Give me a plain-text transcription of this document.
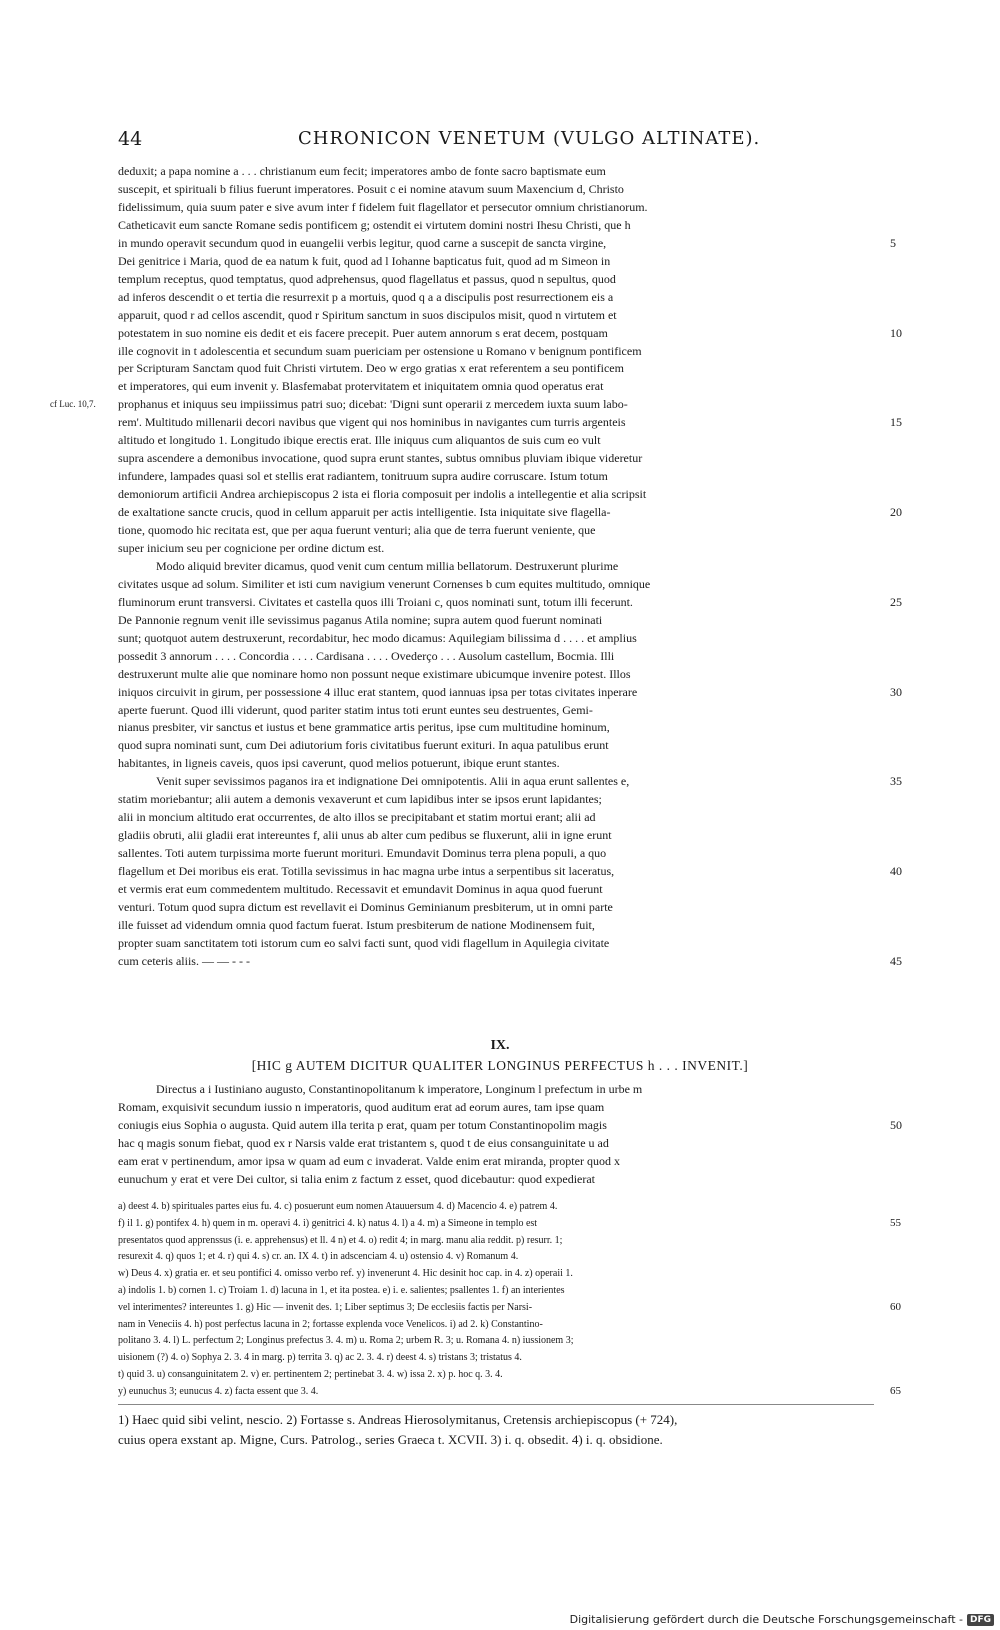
44	CHRONICON VENETUM (VULGO ALTINATE).
deduxit; a papa nomine a . . . christianum eum fecit; imperatores ambo de fonte sacro baptismate eum
suscepit, et spirituali b filius fuerunt imperatores. Posuit c ei nomine atavum suum Maxencium d, Christo
fidelissimum, quia suum pater e sive avum inter f fidelem fuit flagellator et persecutor omnium christianorum.
Catheticavit eum sancte Romane sedis pontificem g; ostendit ei virtutem domini nostri Ihesu Christi, que h
in mundo operavit secundum quod in euangelii verbis legitur, quod carne a suscepit de sancta virgine,
Dei genitrice i Maria, quod de ea natum k fuit, quod ad l Iohanne bapticatus fuit, quod ad m Simeon in
templum receptus, quod temptatus, quod adprehensus, quod flagellatus et passus, quod n sepultus, quod
ad inferos descendit o et tertia die resurrexit p a mortuis, quod q a a discipulis post resurrectionem eis a
apparuit, quod r ad cellos ascendit, quod r Spiritum sanctum in suos discipulos misit, quod n virtutem et
potestatem in suo nomine eis dedit et eis facere precepit. Puer autem annorum s erat decem, postquam
ille cognovit in t adolescentia et secundum suam puericiam per ostensione u Romano v benignum pontificem
per Scripturam Sanctam quod fuit Christi virtutem. Deo w ergo gratias x erat referentem a seu pontificem
et imperatores, qui eum invenit y. Blasfemabat protervitatem et iniquitatem omnia quod operatus erat
prophanus et iniquus seu impiissimus patri suo; dicebat: 'Digni sunt operarii z mercedem iuxta suum labo-
rem'. Multitudo millenarii decori navibus que vigent qui nos hominibus in navigantes cum turris argenteis
altitudo et longitudo 1. Longitudo ibique erectis erat. Ille iniquus cum aliquantos de suis cum eo vult
supra ascendere a demonibus invocatione, quod supra erunt stantes, subtus omnibus pluviam ibique videretur
infundere, lampades quasi sol et stellis erat radiantem, tonitruum supra audire corruscare. Istum totum
demoniorum artificii Andrea archiepiscopus 2 ista ei floria composuit per indolis a intellegentie et alia scripsit
de exaltatione sancte crucis, quod in cellum apparuit per actis intelligentie. Ista iniquitate sive flagella-
tione, quomodo hic recitata est, que per aqua fuerunt venturi; alia que de terra fuerunt veniente, que
super inicium seu per cognicione per ordine dictum est.
Modo aliquid breviter dicamus, quod venit cum centum millia bellatorum. Destruxerunt plurime
civitates usque ad solum. Similiter et isti cum navigium venerunt Cornenses b cum equites multitudo, omnique
fluminorum erunt transversi. Civitates et castella quos illi Troiani c, quos nominati sunt, totum illi fecerunt.
De Pannonie regnum venit ille sevissimus paganus Atila nomine; supra autem quod fuerunt nominati
sunt; quotquot autem destruxerunt, recordabitur, hec modo dicamus: Aquilegiam bilissima d . . . . et amplius
possedit 3 annorum . . . . Concordia . . . . Cardisana . . . . Ovederço . . . Ausolum castellum, Bocmia. Illi
destruxerunt multe alie que nominare homo non possunt neque existimare ubicumque invenire potest. Illos
iniquos circuivit in girum, per possessione 4 illuc erat stantem, quod iannuas ipsa per totas civitates inperare
aperte fuerunt. Quod illi viderunt, quod pariter statim intus toti erunt euntes seu destruentes, Gemi-
nianus presbiter, vir sanctus et iustus et bene grammatice artis peritus, ipse cum multitudine hominum,
quod supra nominati sunt, cum Dei adiutorium foris civitatibus fuerunt exituri. In aqua patulibus erunt
habitantes, in ligneis caveis, quos ipsi caverunt, quod melios potuerunt, ibique erunt stantes.
Venit super sevissimos paganos ira et indignatione Dei omnipotentis. Alii in aqua erunt sallentes e,
statim moriebantur; alii autem a demonis vexaverunt et cum lapidibus inter se ipsos erunt lapidantes;
alii in moncium altitudo erat occurrentes, de alto illos se precipitabant et statim mortui erant; alii ad
gladiis obruti, alii gladii erat intereuntes f, alii unus ab alter cum pedibus se fluxerunt, alii in igne erunt
sallentes. Toti autem turpissima morte fuerunt morituri. Emundavit Dominus terra plena populi, a quo
flagellum et Dei moribus eis erat. Totilla sevissimus in hac magna urbe intus a serpentibus sit laceratus,
et vermis erat eum commedentem multitudo. Recessavit et emundavit Dominus in aqua quod fuerunt
venturi. Totum quod supra dictum est revellavit ei Dominus Geminianum presbiterum, ut in omni parte
ille fuisset ad videndum omnia quod factum fuerat. Istum presbiterum de natione Modinensem fuit,
propter suam sanctitatem toti istorum cum eo salvi facti sunt, quod vidi flagellum in Aquilegia civitate
cum ceteris aliis. — — - - -
cf Luc. 10,7.
5
10
15
20
25
30
35
40
45
IX.
[HIC g AUTEM DICITUR QUALITER LONGINUS PERFECTUS h . . . INVENIT.]
Directus a i Iustiniano augusto, Constantinopolitanum k imperatore, Longinum l prefectum in urbe m
Romam, exquisivit secundum iussio n imperatoris, quod auditum erat ad eorum aures, tam ipse quam
coniugis eius Sophia o augusta. Quid autem illa terita p erat, quam per totum Constantinopolim magis
hac q magis sonum fiebat, quod ex r Narsis valde erat tristantem s, quod t de eius consanguinitate u ad
eam erat v pertinendum, amor ipsa w quam ad eum c invaderat. Valde enim erat miranda, propter quod x
eunuchum y erat et vere Dei cultor, si talia enim z factum z esset, quod dicebautur: quod expedierat
50
a) deest 4. b) spirituales partes eius fu. 4. c) posuerunt eum nomen Atauuersum 4. d) Macencio 4. e) patrem 4.
f) il 1. g) pontifex 4. h) quem in m. operavi 4. i) genitrici 4. k) natus 4. l) a 4. m) a Simeone in templo est
presentatos quod apprenssus (i. e. apprehensus) et ll. 4 n) et 4. o) redit 4; in marg. manu alia reddit. p) resurr. 1;
resurexit 4. q) quos 1; et 4. r) qui 4. s) cr. an. IX 4. t) in adscenciam 4. u) ostensio 4. v) Romanum 4.
w) Deus 4. x) gratia er. et seu pontifici 4. omisso verbo ref. y) invenerunt 4. Hic desinit hoc cap. in 4. z) operaii 1.
a) indolis 1. b) cornen 1. c) Troiam 1. d) lacuna in 1, et ita postea. e) i. e. salientes; psallentes 1. f) an interientes
vel interimentes? intereuntes 1. g) Hic — invenit des. 1; Liber septimus 3; De ecclesiis factis per Narsi-
nam in Veneciis 4. h) post perfectus lacuna in 2; fortasse explenda voce Venelicos. i) ad 2. k) Constantino-
politano 3. 4. l) L. perfectum 2; Longinus prefectus 3. 4. m) u. Roma 2; urbem R. 3; u. Romana 4. n) iussionem 3;
uisionem (?) 4. o) Sophya 2. 3. 4 in marg. p) territa 3. q) ac 2. 3. 4. r) deest 4. s) tristans 3; tristatus 4.
t) quid 3. u) consanguinitatem 2. v) er. pertinentem 2; pertinebat 3. 4. w) issa 2. x) p. hoc q. 3. 4.
y) eunuchus 3; eunucus 4. z) facta essent que 3. 4.
55
60
65
1) Haec quid sibi velint, nescio. 2) Fortasse s. Andreas Hierosolymitanus, Cretensis archiepiscopus (+ 724),
cuius opera exstant ap. Migne, Curs. Patrolog., series Graeca t. XCVII. 3) i. q. obsedit. 4) i. q. obsidione.
Digitalisierung gefördert durch die Deutsche Forschungsgemeinschaft - DFG
